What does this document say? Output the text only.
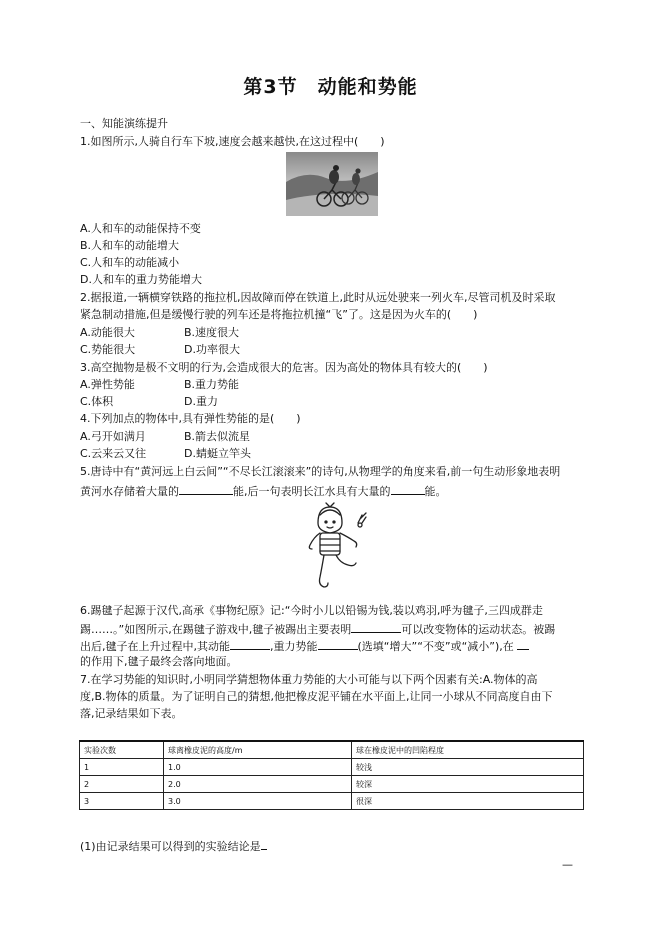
第3节　动能和势能
一、知能演练提升
1.如图所示,人骑自行车下坡,速度会越来越快,在这过程中(　　)
A.人和车的动能保持不变
B.人和车的动能增大
C.人和车的动能减小
D.人和车的重力势能增大
2.据报道,一辆横穿铁路的拖拉机,因故障而停在铁道上,此时从远处驶来一列火车,尽管司机及时采取
紧急制动措施,但是缓慢行驶的列车还是将拖拉机撞“飞”了。这是因为火车的(　　)
A.动能很大	B.速度很大
C.势能很大	D.功率很大
3.高空抛物是极不文明的行为,会造成很大的危害。因为高处的物体具有较大的(　　)
A.弹性势能	B.重力势能
C.体积	D.重力
4.下列加点的物体中,具有弹性势能的是(　　)
A.弓开如满月	B.箭去似流星
C.云来云又往	D.蜻蜓立竿头
5.唐诗中有“黄河远上白云间”“不尽长江滚滚来”的诗句,从物理学的角度来看,前一句生动形象地表明
黄河水存储着大量的	能,后一句表明长江水具有大量的	能。
6.踢毽子起源于汉代,高承《事物纪原》记:“今时小儿以铅锡为钱,装以鸡羽,呼为毽子,三四成群走
踢……。”如图所示,在踢毽子游戏中,毽子被踢出主要表明	可以改变物体的运动状态。被踢
出后,毽子在上升过程中,其动能	,重力势能	(选填“增大”“不变”或“减小”),在
的作用下,毽子最终会落向地面。
7.在学习势能的知识时,小明同学猜想物体重力势能的大小可能与以下两个因素有关:A.物体的高
度,B.物体的质量。为了证明自己的猜想,他把橡皮泥平铺在水平面上,让同一小球从不同高度自由下
落,记录结果如下表。
实验次数	球离橡皮泥的高度/m	球在橡皮泥中的凹陷程度
1	1.0	较浅
2	2.0	较深
3	3.0	很深
(1)由记录结果可以得到的实验结论是
—
